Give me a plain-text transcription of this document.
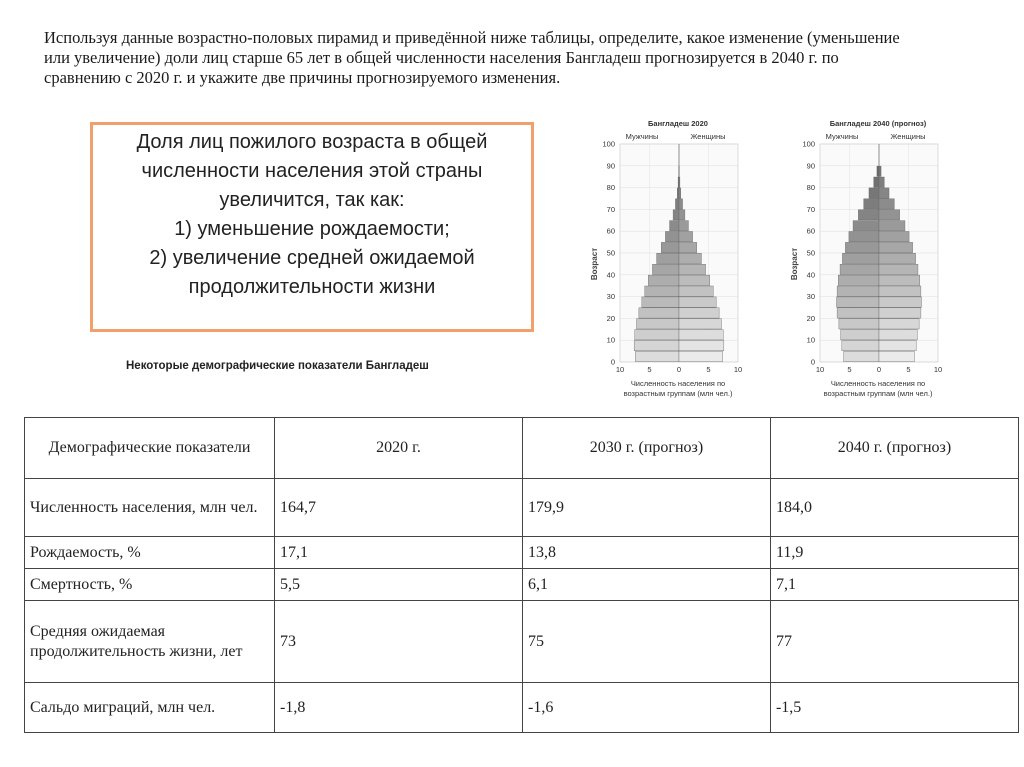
Используя данные возрастно-половых пирамид и приведённой ниже таблицы, определите, какое изменение (уменьшение или увеличение) доли лиц старше 65 лет в общей численности населения Бангладеш прогнозируется в 2040 г. по сравнению с 2020 г. и укажите две причины прогнозируемого изменения.
Доля лиц пожилого возраста в общей
численности населения этой страны
увеличится, так как:
1) уменьшение рождаемости;
2) увеличение средней ожидаемой
продолжительности жизни
Некоторые демографические показатели Бангладеш
Бангладеш 2020
Мужчины	Женщины
Возраст
100
90
80
70
60
50
40
30
20
10
0
10	5	0	5	10
Численность населения по
возрастным группам (млн чел.)
Бангладеш 2040 (прогноз)
Мужчины	Женщины
Возраст
100
90
80
70
60
50
40
30
20
10
0
10	5	0	5	10
Численность населения по
возрастным группам (млн чел.)
Демографические показатели	2020 г.	2030 г. (прогноз)	2040 г. (прогноз)
Численность населения, млн чел.	164,7	179,9	184,0
Рождаемость, %	17,1	13,8	11,9
Смертность, %	5,5	6,1	7,1
Средняя ожидаемая продолжительность жизни, лет	73	75	77
Сальдо миграций, млн чел.	-1,8	-1,6	-1,5
